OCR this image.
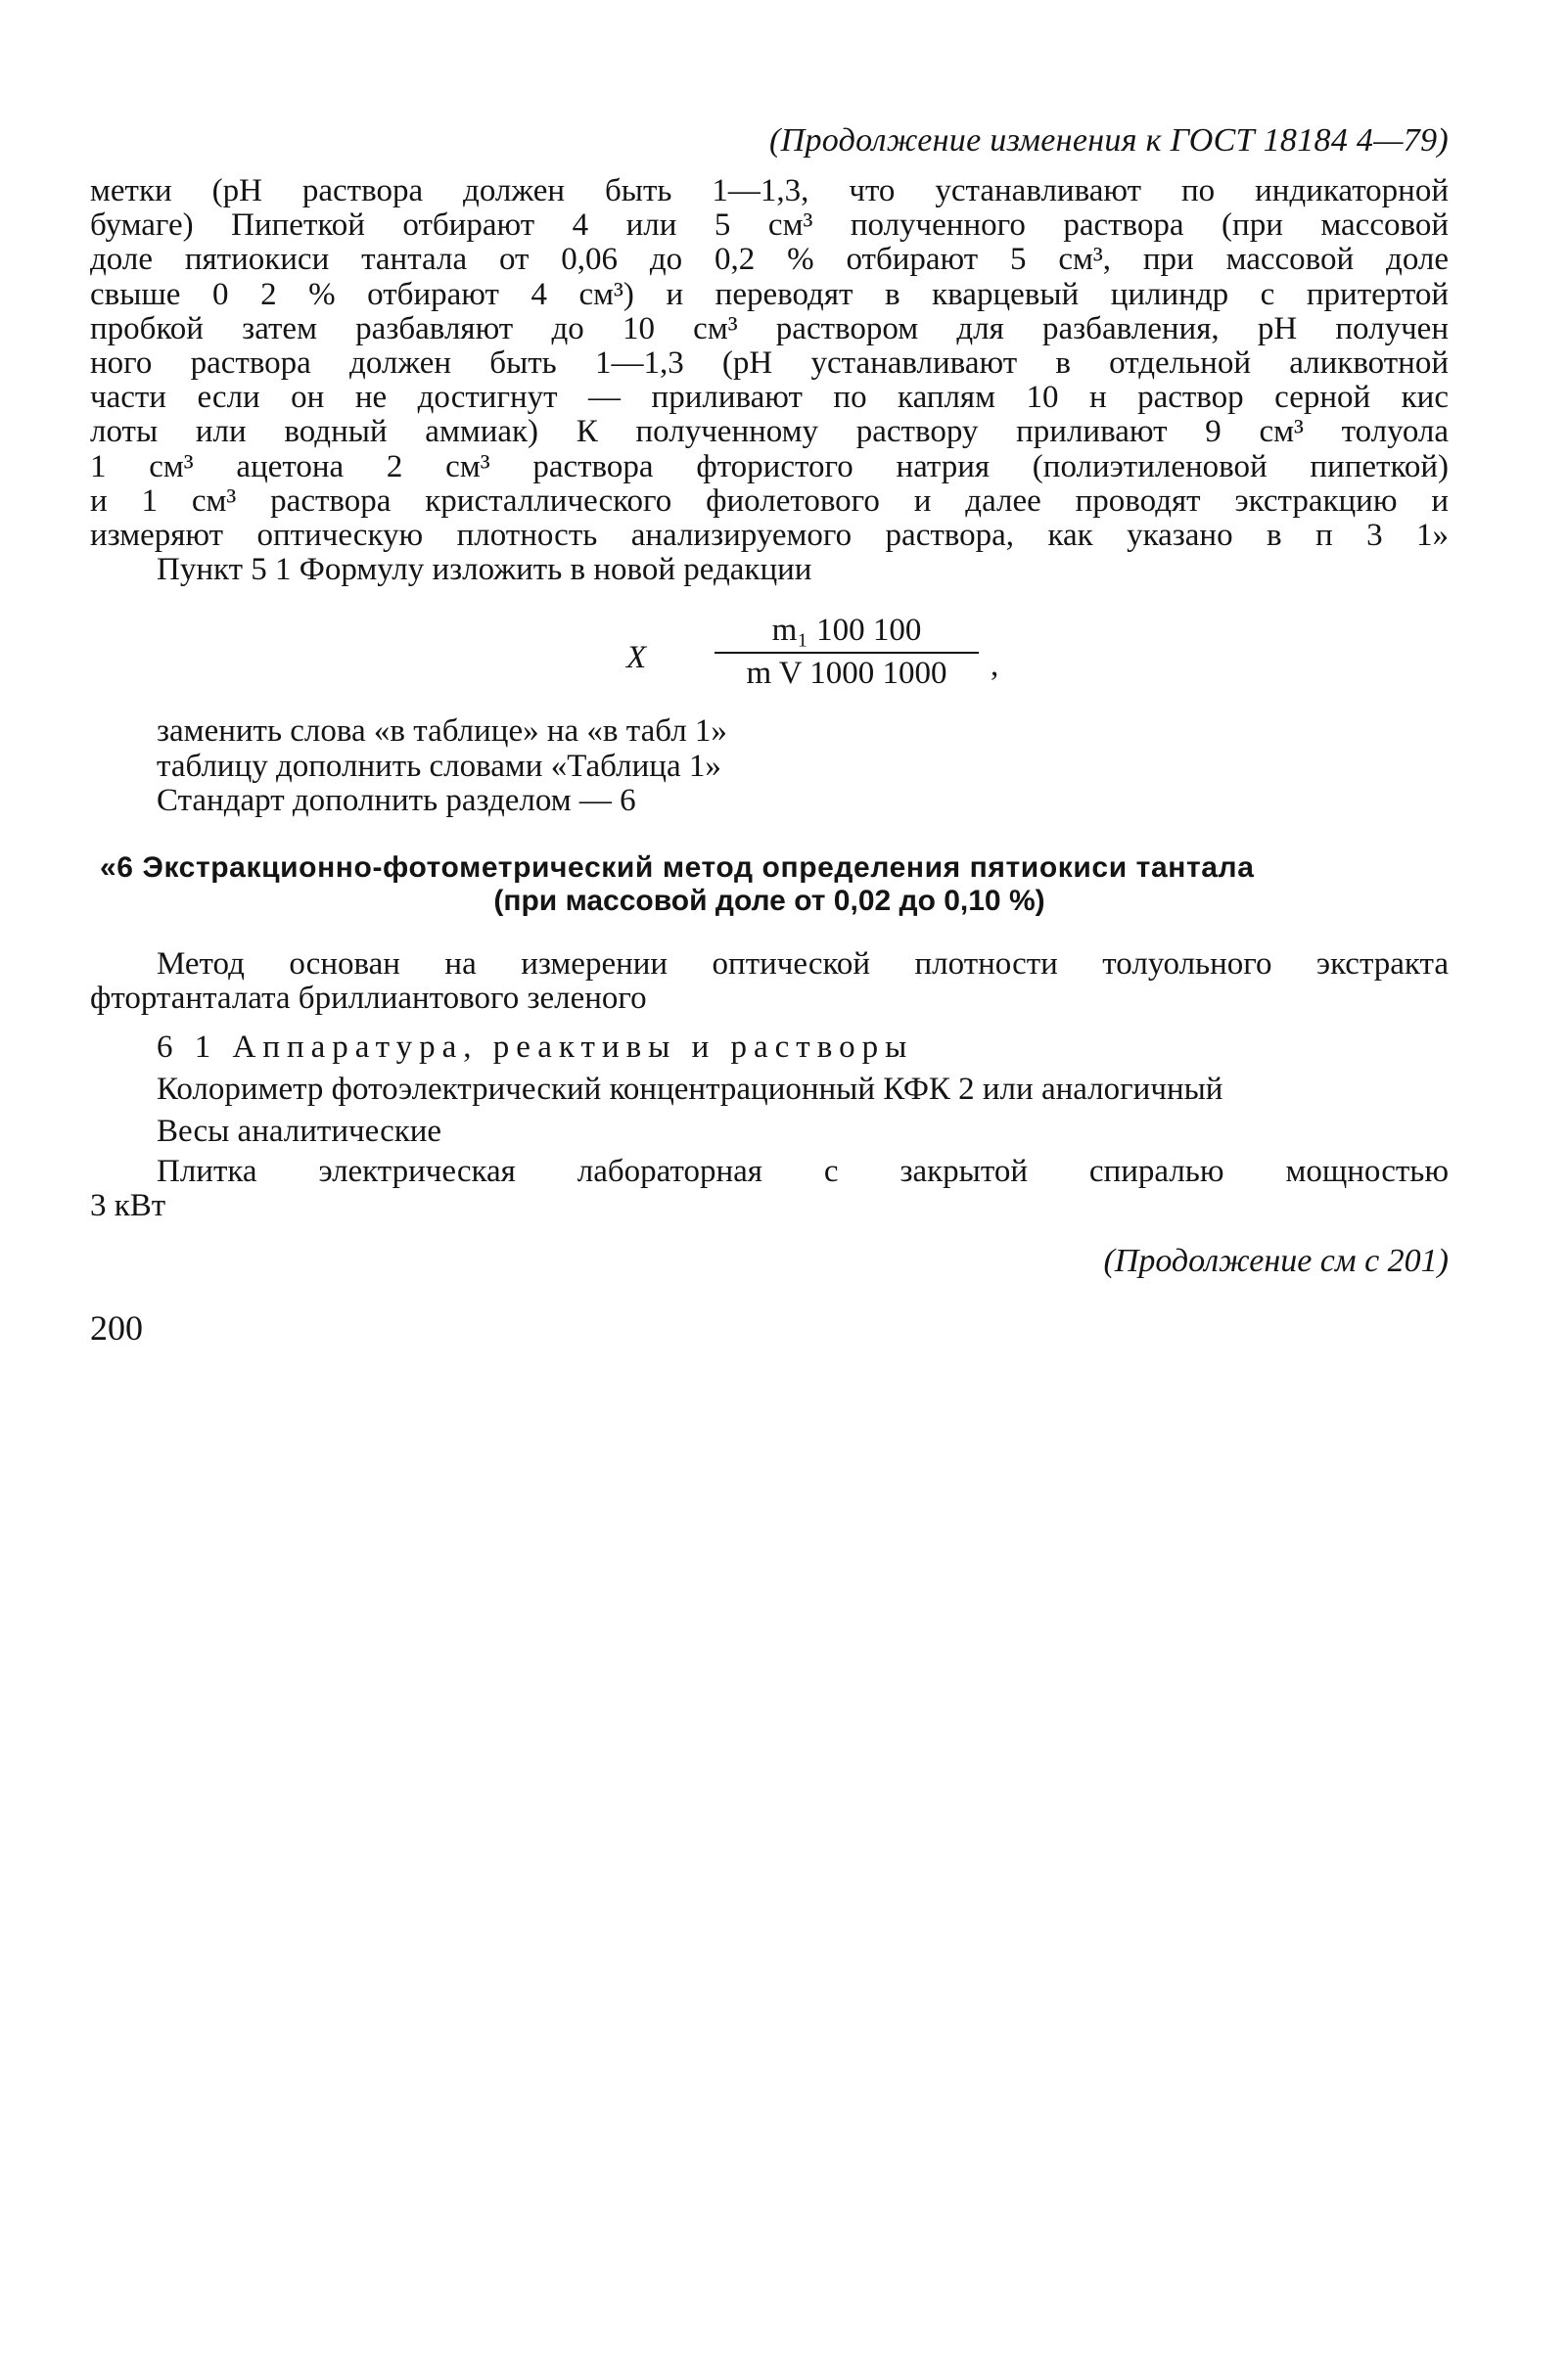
(Продолжение изменения к ГОСТ 18184 4—79)
метки (pH раствора должен быть 1—1,3, что устанавливают по индикаторной
бумаге) Пипеткой отбирают 4 или 5 см³ полученного раствора (при массовой
доле пятиокиси тантала от 0,06 до 0,2 % отбирают 5 см³, при массовой доле
свыше 0 2 % отбирают 4 см³) и переводят в кварцевый цилиндр с притертой
пробкой затем разбавляют до 10 см³ раствором для разбавления, pH получен
ного раствора должен быть 1—1,3 (pH устанавливают в отдельной аликвотной
части если он не достигнут — приливают по каплям 10 н раствор серной кис
лоты или водный аммиак) К полученному раствору приливают 9 см³ толуола
1 см³ ацетона 2 см³ раствора фтористого натрия (полиэтиленовой пипеткой)
и 1 см³ раствора кристаллического фиолетового и далее проводят экстракцию и
измеряют оптическую плотность анализируемого раствора, как указано в п 3 1»
Пункт 5 1 Формулу изложить в новой редакции
X
m₁ 100 100
m V 1000 1000	,
заменить слова «в таблице» на «в табл 1»
таблицу дополнить словами «Таблица 1»
Стандарт дополнить разделом — 6
«6 Экстракционно-фотометрический метод определения пятиокиси тантала
(при массовой доле от 0,02 до 0,10 %)
Метод основан на измерении оптической плотности толуольного экстракта
фтортанталата бриллиантового зеленого
6 1 Аппаратура, реактивы и растворы
Колориметр фотоэлектрический концентрационный КФК 2 или аналогичный
Весы аналитические
Плитка электрическая лабораторная с закрытой спиралью мощностью
3 кВт
(Продолжение см с 201)
200
